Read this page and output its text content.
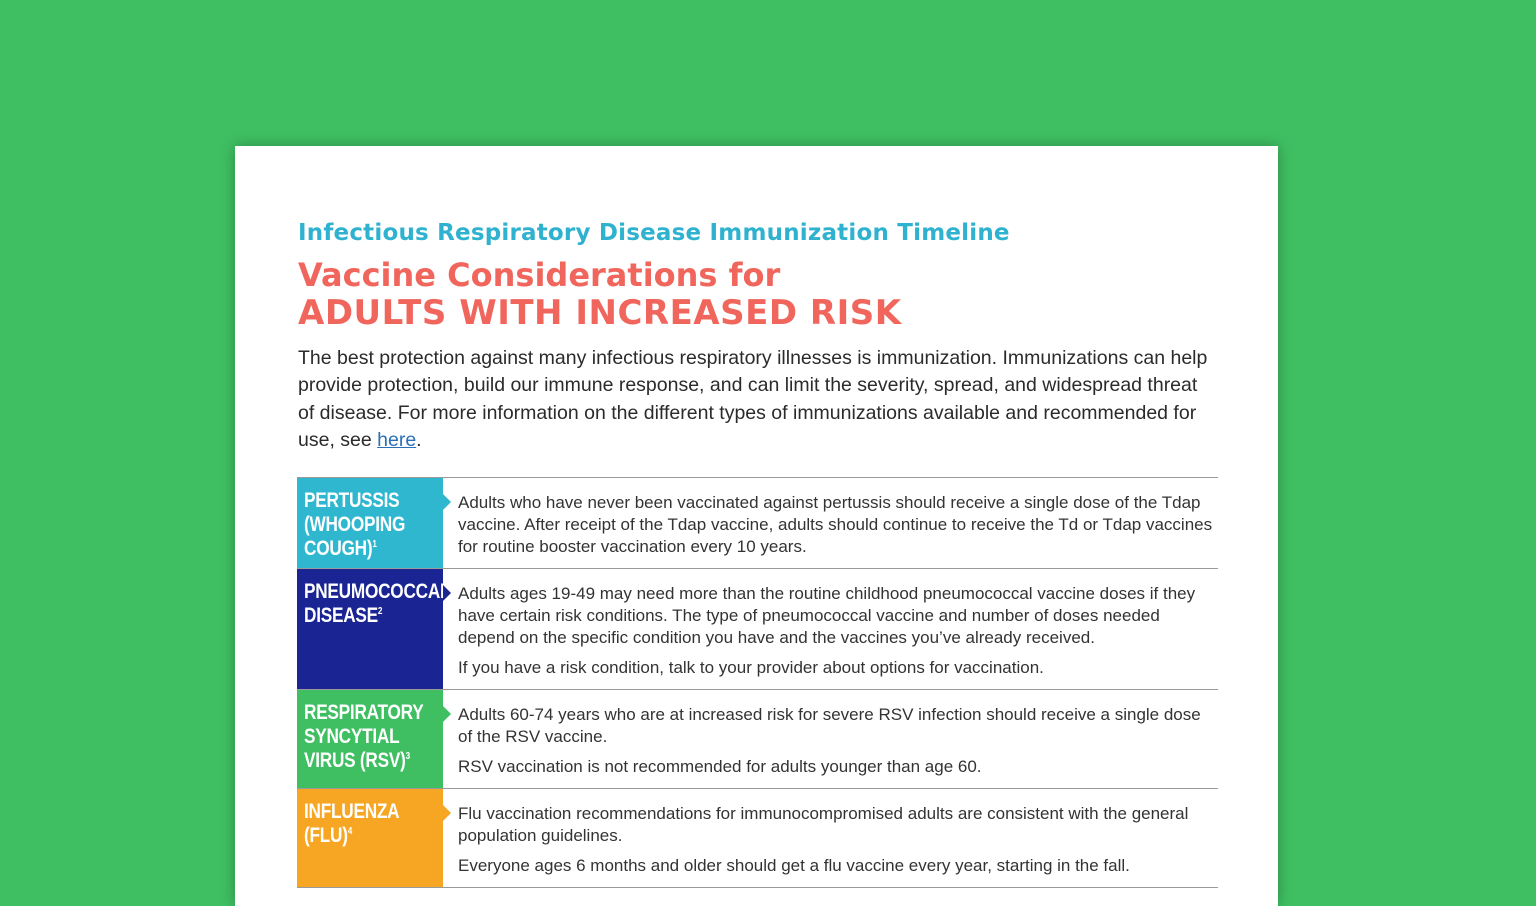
Infectious Respiratory Disease Immunization Timeline
Vaccine Considerations for
ADULTS WITH INCREASED RISK
The best protection against many infectious respiratory illnesses is immunization. Immunizations can help provide protection, build our immune response, and can limit the severity, spread, and widespread threat of disease. For more information on the different types of immunizations available and recommended for use, see here.
PERTUSSIS
(WHOOPING
COUGH)$^1$

Adults who have never been vaccinated against pertussis should receive a single dose of the Tdap vaccine. After receipt of the Tdap vaccine, adults should continue to receive the Td or Tdap vaccines for routine booster vaccination every 10 years.

PNEUMOCOCCAL
DISEASE$^2$

Adults ages 19-49 may need more than the routine childhood pneumococcal vaccine doses if they have certain risk conditions. The type of pneumococcal vaccine and number of doses needed depend on the specific condition you have and the vaccines you’ve already received.

If you have a risk condition, talk to your provider about options for vaccination.

RESPIRATORY
SYNCYTIAL
VIRUS (RSV)$^3$

Adults 60-74 years who are at increased risk for severe RSV infection should receive a single dose of the RSV vaccine.

RSV vaccination is not recommended for adults younger than age 60.

INFLUENZA
(FLU)$^4$

Flu vaccination recommendations for immunocompromised adults are consistent with the general population guidelines.

Everyone ages 6 months and older should get a flu vaccine every year, starting in the fall.
